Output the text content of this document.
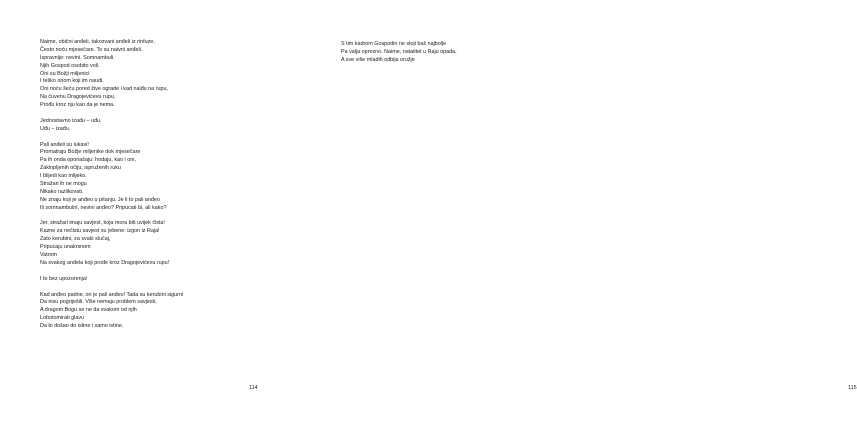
Naime, obični anđeli, takozvani anđeli iz rinfuze,
Često noću mjesečare. To su naivni anđeli.
Ispravnije: nevini. Somnambuli.
Njih Gospod osobito voli.
Oni su Božji miljenici
I teško onom koji im naudi.
Oni noću šeću pored žive ograde i kad naiđu na rupu,
Na čuvenu Dragojevićevu rupu,
Prođu kroz nju kao da je nema.
Jednostavno izađu – uđu.
Uđu – izađu.
Pali anđeli su lukavi!
Promatraju Božje miljenike dok mjesečare
Pa ih onda oponašaju: hodaju, kao i oni,
Zaklopljenih očiju, ispruženih ruku
I blijedi kao mlijeko.
Stražari ih ne mogu
Nikako razlikovati.
Ne znaju koji je anđeo u pitanju. Je li to pali anđeo
Ili somnambulni, nevini anđeo? Pripucati bi, ali kako?
Jer, stražari imaju savjest, koja mora biti uvijek čista!
Kazne za nečistu savjest su jebene: izgon iz Raja!
Zato kerubini, za svaki slučaj,
Pripucaju unakrsnom
Vatrom
Na svakog anđela koji prođe kroz Dragojevićevu rupu!
I to bez upozorenja!
Kad anđeo padne, on je pali anđeo! Tada su kerubini sigurni
Da nisu pogriješili. Više nemaju problem savjesti,
A dragom Bogu se ne da svakom od njih
Lobotomirati glavu
Da bi došao do istine i samo istine.
114
S tim kadrom Gospodin ne stoji baš najbolje
Pa valja oprezno. Naime, natalitet u Raju opada,
A sve više mladih odbija oružje
115
